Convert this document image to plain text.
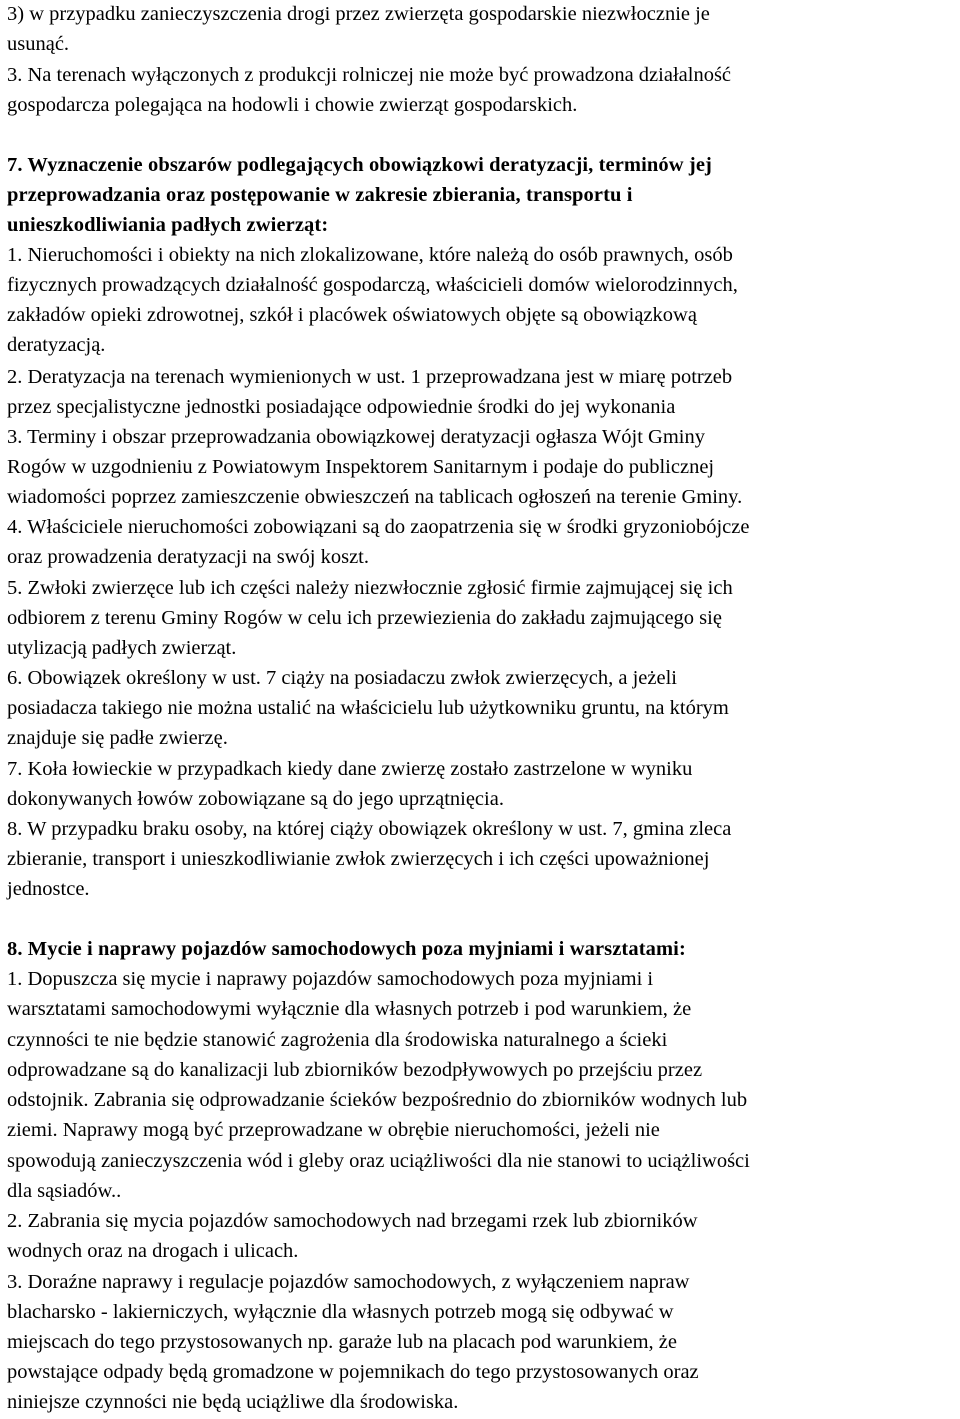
3) w przypadku zanieczyszczenia drogi przez zwierzęta gospodarskie niezwłocznie je

usunąć.

3. Na terenach wyłączonych z produkcji rolniczej nie może być prowadzona działalność

gospodarcza polegająca na hodowli i chowie zwierząt gospodarskich.

7. Wyznaczenie obszarów podlegających obowiązkowi deratyzacji, terminów jej

przeprowadzania oraz postępowanie w zakresie zbierania, transportu i

unieszkodliwiania padłych zwierząt:

1. Nieruchomości i obiekty na nich zlokalizowane, które należą do osób prawnych, osób

fizycznych prowadzących działalność gospodarczą, właścicieli domów wielorodzinnych,

zakładów opieki zdrowotnej, szkół i placówek oświatowych objęte są obowiązkową

deratyzacją.

2. Deratyzacja na terenach wymienionych w ust. 1 przeprowadzana jest w miarę potrzeb

przez specjalistyczne jednostki posiadające odpowiednie środki do jej wykonania

3. Terminy i obszar przeprowadzania obowiązkowej deratyzacji ogłasza Wójt Gminy

Rogów w uzgodnieniu z Powiatowym Inspektorem Sanitarnym i podaje do publicznej

wiadomości poprzez zamieszczenie obwieszczeń na tablicach ogłoszeń na terenie Gminy.

4. Właściciele nieruchomości zobowiązani są do zaopatrzenia się w środki gryzoniobójcze

oraz prowadzenia deratyzacji na swój koszt.

5. Zwłoki zwierzęce lub ich części należy niezwłocznie zgłosić firmie zajmującej się ich

odbiorem z terenu Gminy Rogów w celu ich przewiezienia do zakładu zajmującego się

utylizacją padłych zwierząt.

6. Obowiązek określony w ust. 7 ciąży na posiadaczu zwłok zwierzęcych, a jeżeli

posiadacza takiego nie można ustalić na właścicielu lub użytkowniku gruntu, na którym

znajduje się padłe zwierzę.

7. Koła łowieckie w przypadkach kiedy dane zwierzę zostało zastrzelone w wyniku

dokonywanych łowów zobowiązane są do jego uprzątnięcia.

8. W przypadku braku osoby, na której ciąży obowiązek określony w ust. 7, gmina zleca

zbieranie, transport i unieszkodliwianie zwłok zwierzęcych i ich części upoważnionej

jednostce.

8. Mycie i naprawy pojazdów samochodowych poza myjniami i warsztatami:

1. Dopuszcza się mycie i naprawy pojazdów samochodowych poza myjniami i

warsztatami samochodowymi wyłącznie dla własnych potrzeb i pod warunkiem, że

czynności te nie będzie stanowić zagrożenia dla środowiska naturalnego a ścieki

odprowadzane są do kanalizacji lub zbiorników bezodpływowych po przejściu przez

odstojnik. Zabrania się odprowadzanie ścieków bezpośrednio do zbiorników wodnych lub

ziemi. Naprawy mogą być przeprowadzane w obrębie nieruchomości, jeżeli nie

spowodują zanieczyszczenia wód i gleby oraz uciążliwości dla nie stanowi to uciążliwości

dla sąsiadów..

2. Zabrania się mycia pojazdów samochodowych nad brzegami rzek lub zbiorników

wodnych oraz na drogach i ulicach.

3. Doraźne naprawy i regulacje pojazdów samochodowych, z wyłączeniem napraw

blacharsko - lakierniczych, wyłącznie dla własnych potrzeb mogą się odbywać w

miejscach do tego przystosowanych np. garaże lub na placach pod warunkiem, że

powstające odpady będą gromadzone w pojemnikach do tego przystosowanych oraz

niniejsze czynności nie będą uciążliwe dla środowiska.
